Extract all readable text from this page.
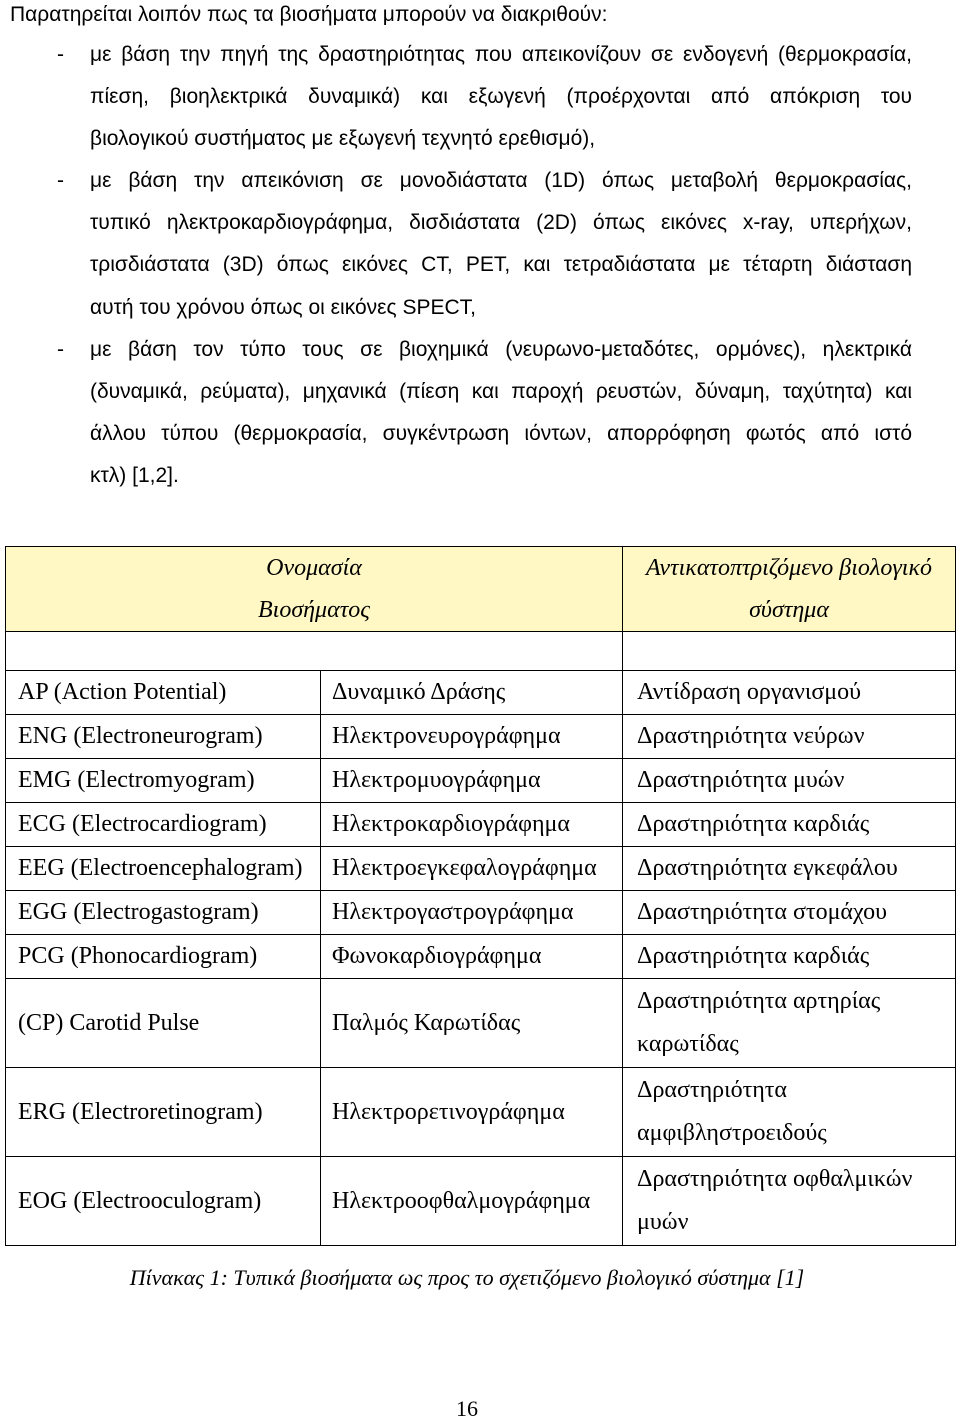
Παρατηρείται λοιπόν πως τα βιοσήματα μπορούν να διακριθούν:
- με βάση την πηγή της δραστηριότητας που απεικονίζουν σε ενδογενή (θερμοκρασία,
πίεση, βιοηλεκτρικά δυναμικά) και εξωγενή (προέρχονται από απόκριση του
βιολογικού συστήματος με εξωγενή τεχνητό ερεθισμό),
- με βάση την απεικόνιση σε μονοδιάστατα (1D) όπως μεταβολή θερμοκρασίας,
τυπικό ηλεκτροκαρδιογράφημα, δισδιάστατα (2D) όπως εικόνες x-ray, υπερήχων,
τρισδιάστατα (3D) όπως εικόνες CT, PET, και τετραδιάστατα με τέταρτη διάσταση
αυτή του χρόνου όπως οι εικόνες SPECT,
- με βάση τον τύπο τους σε βιοχημικά (νευρωνο-μεταδότες, ορμόνες), ηλεκτρικά
(δυναμικά, ρεύματα), μηχανικά (πίεση και παροχή ρευστών, δύναμη, ταχύτητα) και
άλλου τύπου (θερμοκρασία, συγκέντρωση ιόντων, απορρόφηση φωτός από ιστό
κτλ) [1,2].
Ονομασία
Βιοσήματος		Αντικατοπτριζόμενο βιολογικό
σύστημα

AP (Action Potential)	Δυναμικό Δράσης	Αντίδραση οργανισμού
ENG (Electroneurogram)	Ηλεκτρονευρογράφημα	Δραστηριότητα νεύρων
EMG (Electromyogram)	Ηλεκτρομυογράφημα	Δραστηριότητα μυών
ECG (Electrocardiogram)	Ηλεκτροκαρδιογράφημα	Δραστηριότητα καρδιάς
EEG (Electroencephalogram)	Ηλεκτροεγκεφαλογράφημα	Δραστηριότητα εγκεφάλου
EGG (Electrogastogram)	Ηλεκτρογαστρογράφημα	Δραστηριότητα στομάχου
PCG (Phonocardiogram)	Φωνοκαρδιογράφημα	Δραστηριότητα καρδιάς
(CP) Carotid Pulse	Παλμός Καρωτίδας	Δραστηριότητα αρτηρίας καρωτίδας
ERG (Electroretinogram)	Ηλεκτρορετινογράφημα	Δραστηριότητα αμφιβληστροειδούς
EOG (Electrooculogram)	Ηλεκτροοφθαλμογράφημα	Δραστηριότητα οφθαλμικών μυών
Πίνακας 1: Τυπικά βιοσήματα ως προς το σχετιζόμενο βιολογικό σύστημα [1]
16
